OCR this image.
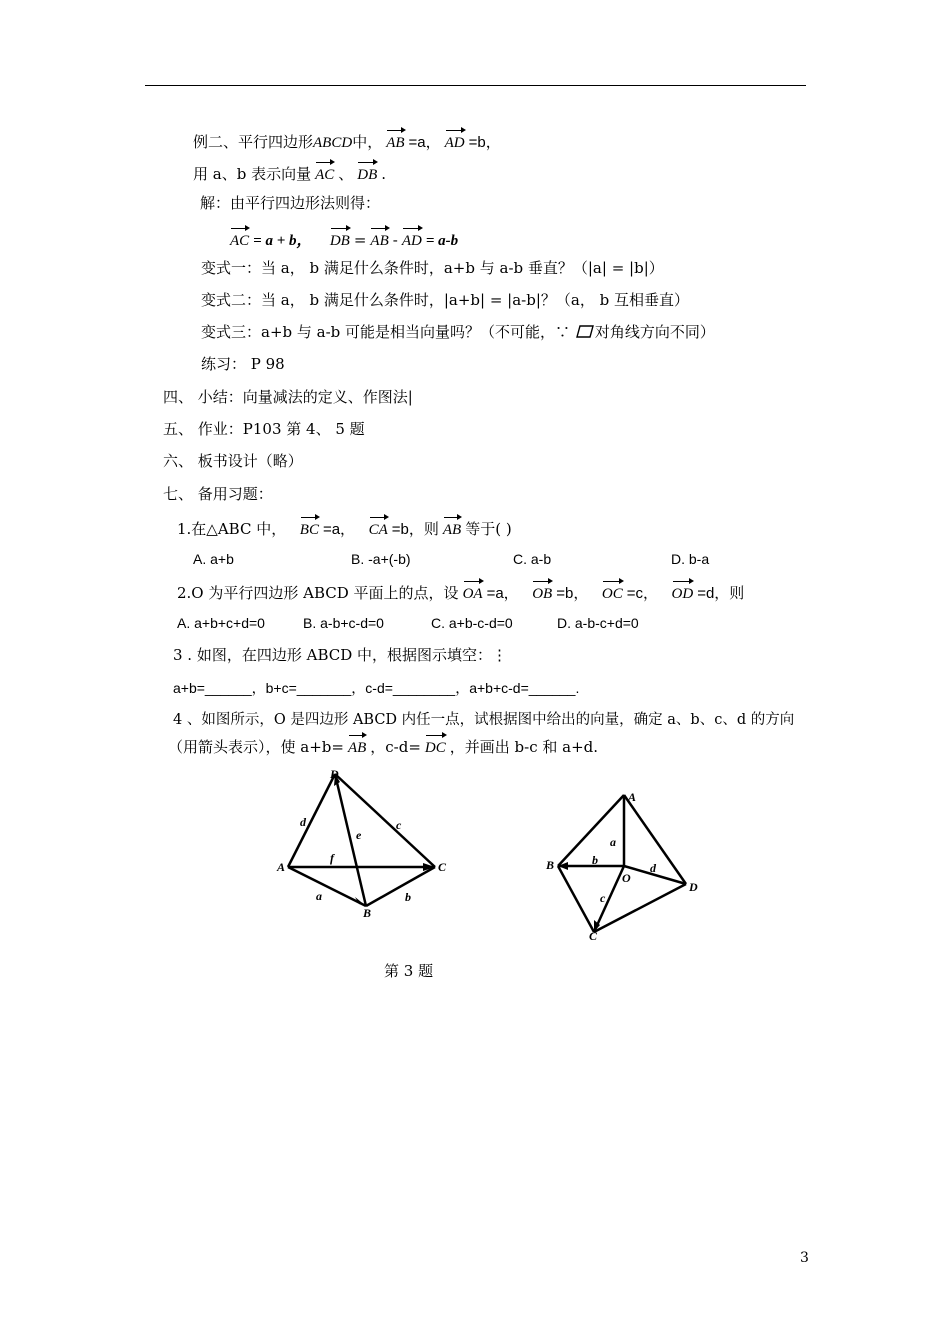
例二、平行四边形ABCD中， AB =a， AD =b，
用 a、b 表示向量 AC 、 DB .
解：由平行四边形法则得：
AC = a + b， DB = AB - AD = a-b
变式一：当 a， b 满足什么条件时，a+b 与 a-b 垂直？（|a| = |b|）
变式二：当 a， b 满足什么条件时，|a+b| = |a-b|？（a， b 互相垂直）
变式三：a+b 与 a-b 可能是相当向量吗？（不可能，∵ 对角线方向不同）
练习： P 98
四、 小结：向量减法的定义、作图法|
五、 作业：P103 第 4、 5 题
六、 板书设计（略）
七、 备用习题：
1.在△ABC 中， BC =a， CA =b，则 AB 等于( )
A. a+b	B. -a+(-b)	C. a-b	D. b-a
2.O 为平行四边形 ABCD 平面上的点，设 OA =a， OB =b， OC =c， OD =d，则
A. a+b+c+d=0	B. a-b+c-d=0	C. a+b-c-d=0	D. a-b-c+d=0
3 . 如图，在四边形 ABCD 中，根据图示填空：⋮
a+b=______，b+c=_______，c-d=________，a+b+c-d=______.
4 、如图所示，O 是四边形 ABCD 内任一点，试根据图中给出的向量，确定 a、b、c、d 的方向
（用箭头表示），使 a+b= AB ，c-d= DC ，并画出 b-c 和 a+d.
D
A	C
B
d	c
e
f
a	b
A
B
O
D
C
a
b
c
d
第 3 题
3
